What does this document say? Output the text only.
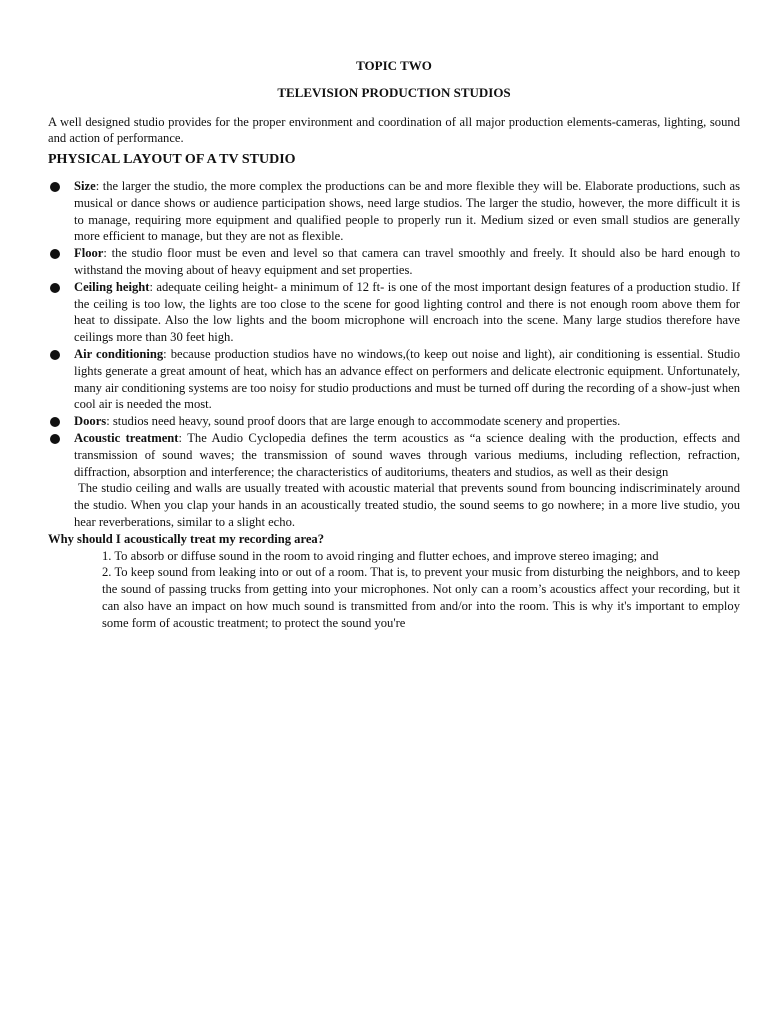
TOPIC TWO

TELEVISION PRODUCTION STUDIOS

A well designed studio provides for the proper environment and coordination of all major production elements-cameras, lighting, sound and action of performance.

PHYSICAL LAYOUT OF A TV STUDIO

Size: the larger the studio, the more complex the productions can be and more flexible they will be. Elaborate productions, such as musical or dance shows or audience participation shows, need large studios. The larger the studio, however, the more difficult it is to manage, requiring more equipment and qualified people to properly run it. Medium sized or even small studios are generally more efficient to manage, but they are not as flexible.
Floor: the studio floor must be even and level so that camera can travel smoothly and freely. It should also be hard enough to withstand the moving about of heavy equipment and set properties.
Ceiling height: adequate ceiling height- a minimum of 12 ft- is one of the most important design features of a production studio. If the ceiling is too low, the lights are too close to the scene for good lighting control and there is not enough room above them for heat to dissipate. Also the low lights and the boom microphone will encroach into the scene. Many large studios therefore have ceilings more than 30 feet high.
Air conditioning: because production studios have no windows,(to keep out noise and light), air conditioning is essential. Studio lights generate a great amount of heat, which has an advance effect on performers and delicate electronic equipment. Unfortunately, many air conditioning systems are too noisy for studio productions and must be turned off during the recording of a show-just when cool air is needed the most.
Doors: studios need heavy, sound proof doors that are large enough to accommodate scenery and properties.
Acoustic treatment: The Audio Cyclopedia defines the term acoustics as “a science dealing with the production, effects and transmission of sound waves; the transmission of sound waves through various mediums, including reflection, refraction, diffraction, absorption and interference; the characteristics of auditoriums, theaters and studios, as well as their design

The studio ceiling and walls are usually treated with acoustic material that prevents sound from bouncing indiscriminately around the studio. When you clap your hands in an acoustically treated studio, the sound seems to go nowhere; in a more live studio, you hear reverberations, similar to a slight echo.

Why should I acoustically treat my recording area?

1. To absorb or diffuse sound in the room to avoid ringing and flutter echoes, and improve stereo imaging; and

2. To keep sound from leaking into or out of a room. That is, to prevent your music from disturbing the neighbors, and to keep the sound of passing trucks from getting into your microphones. Not only can a room’s acoustics affect your recording, but it can also have an impact on how much sound is transmitted from and/or into the room. This is why it's important to employ some form of acoustic treatment; to protect the sound you're
